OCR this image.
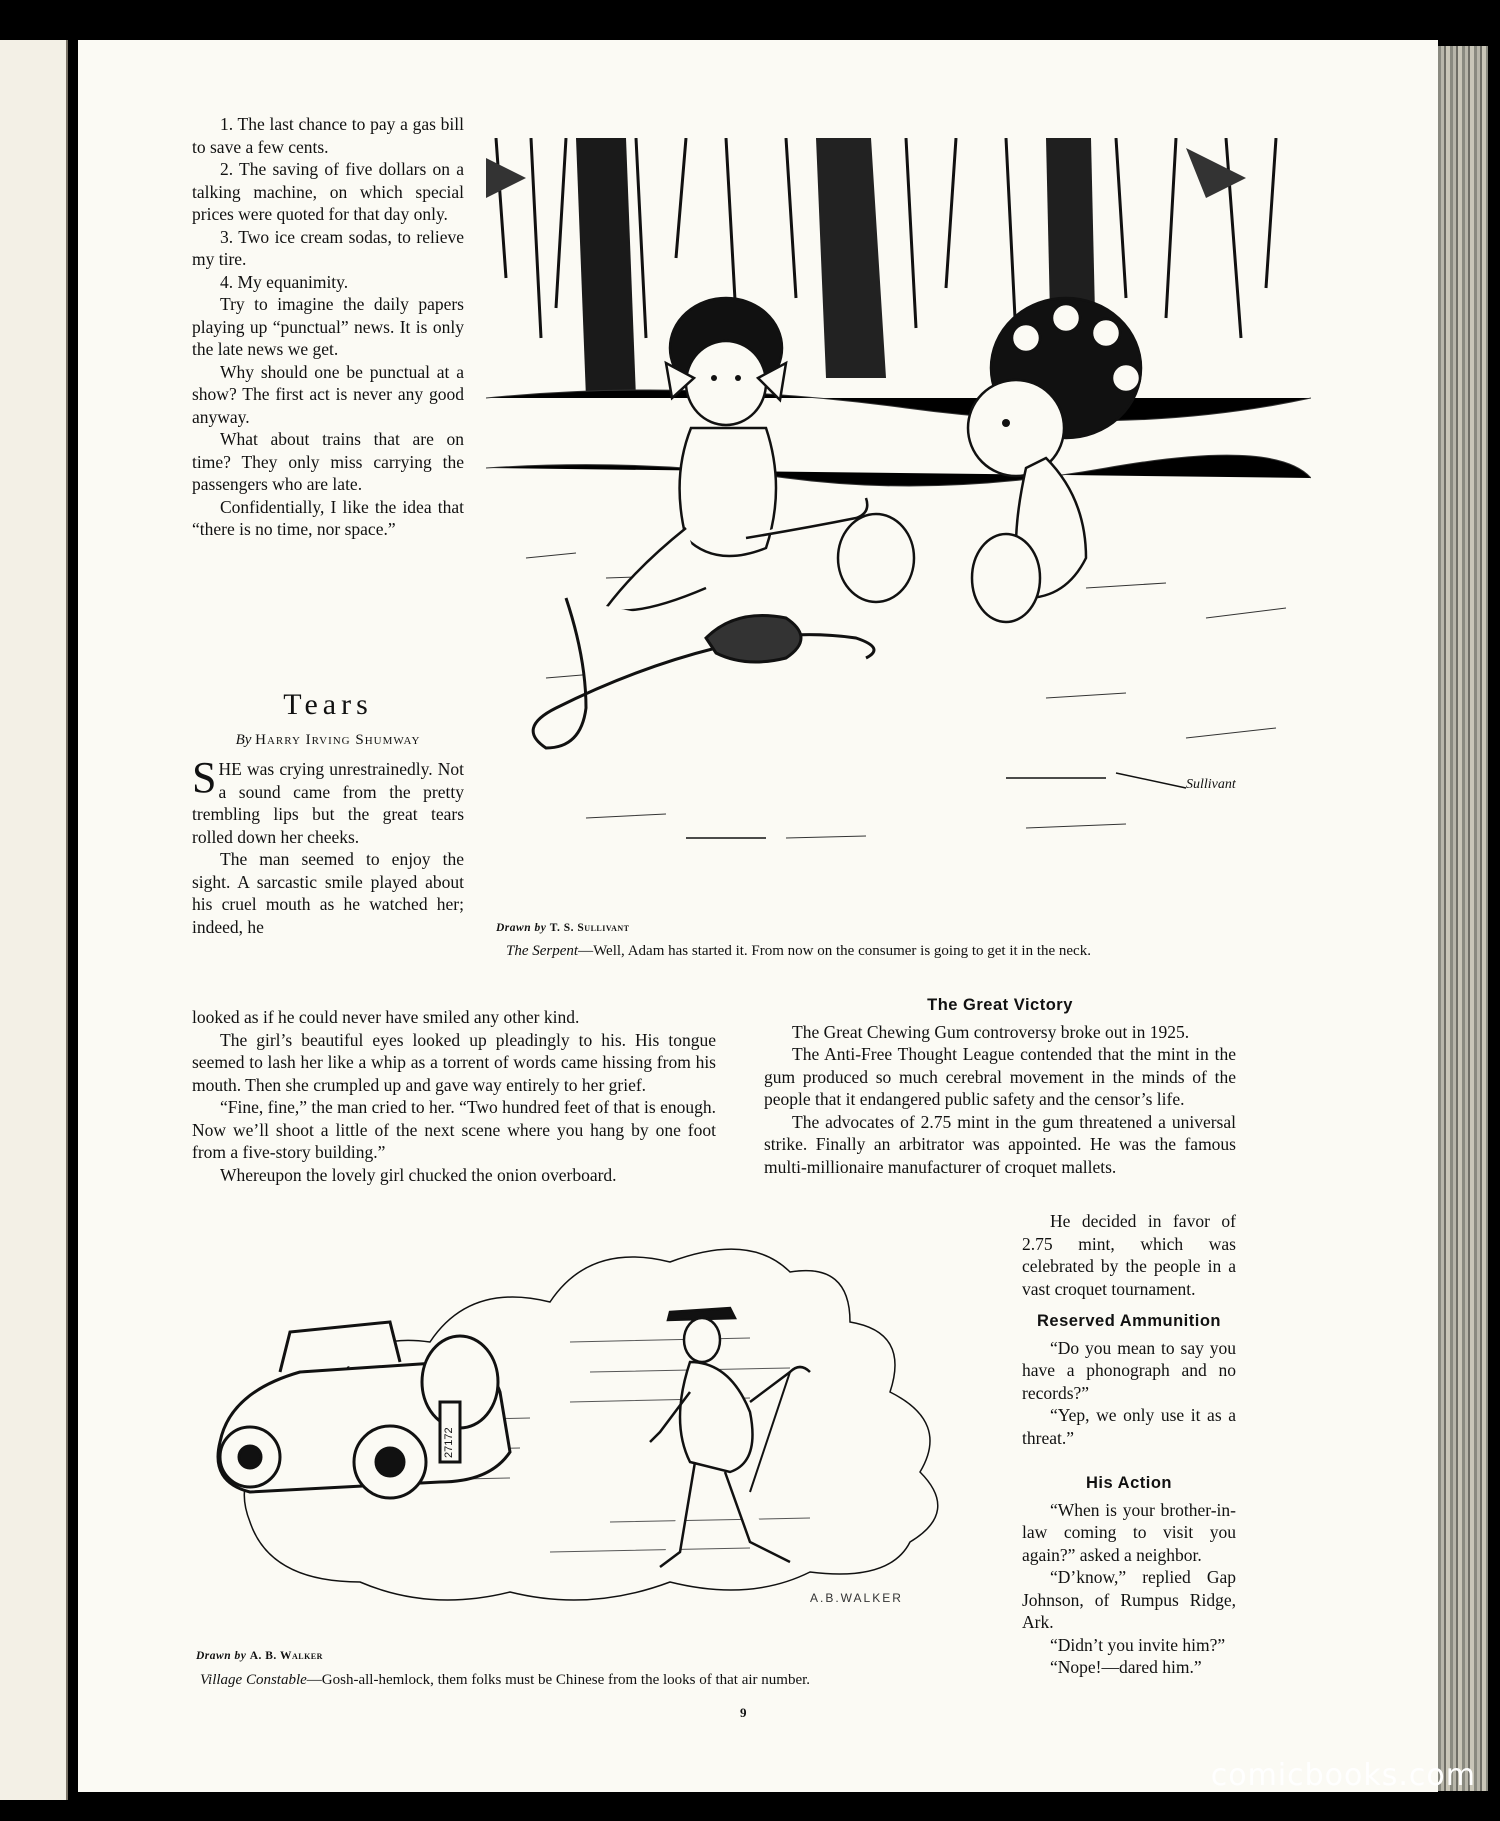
1. The last chance to pay a gas bill to save a few cents.

2. The saving of five dollars on a talking machine, on which special prices were quoted for that day only.

3. Two ice cream sodas, to relieve my tire.

4. My equanimity.

Try to imagine the daily papers playing up “punctual” news. It is only the late news we get.

Why should one be punctual at a show? The first act is never any good anyway.

What about trains that are on time? They only miss carrying the passengers who are late.

Confidentially, I like the idea that “there is no time, nor space.”

Tears
By Harry Irving Shumway

SHE was crying unrestrainedly. Not a sound came from the pretty trembling lips but the great tears rolled down her cheeks.

The man seemed to enjoy the sight. A sarcastic smile played about his cruel mouth as he watched her; indeed, he

looked as if he could never have smiled any other kind.

The girl’s beautiful eyes looked up pleadingly to his. His tongue seemed to lash her like a whip as a torrent of words came hissing from his mouth. Then she crumpled up and gave way entirely to her grief.

“Fine, fine,” the man cried to her. “Two hundred feet of that is enough. Now we’ll shoot a little of the next scene where you hang by one foot from a five-story building.”

Whereupon the lovely girl chucked the onion overboard.

Sullivant
Drawn by T. S. Sullivant
The Serpent—Well, Adam has started it. From now on the consumer is going to get it in the neck.
The Great Victory

The Great Chewing Gum controversy broke out in 1925.

The Anti-Free Thought League contended that the mint in the gum produced so much cerebral movement in the minds of the people that it endangered public safety and the censor’s life.

The advocates of 2.75 mint in the gum threatened a universal strike. Finally an arbitrator was appointed. He was the famous multi-millionaire manufacturer of croquet mallets.

He decided in favor of 2.75 mint, which was celebrated by the people in a vast croquet tournament.

Reserved Ammunition

“Do you mean to say you have a phonograph and no records?”

“Yep, we only use it as a threat.”

His Action

“When is your brother-in-law coming to visit you again?” asked a neighbor.

“D’know,” replied Gap Johnson, of Rumpus Ridge, Ark.

“Didn’t you invite him?”

“Nope!—dared him.”

27172
A.B.WALKER
Drawn by A. B. Walker
Village Constable—Gosh-all-hemlock, them folks must be Chinese from the looks of that air number.
9
comicbooks.com
